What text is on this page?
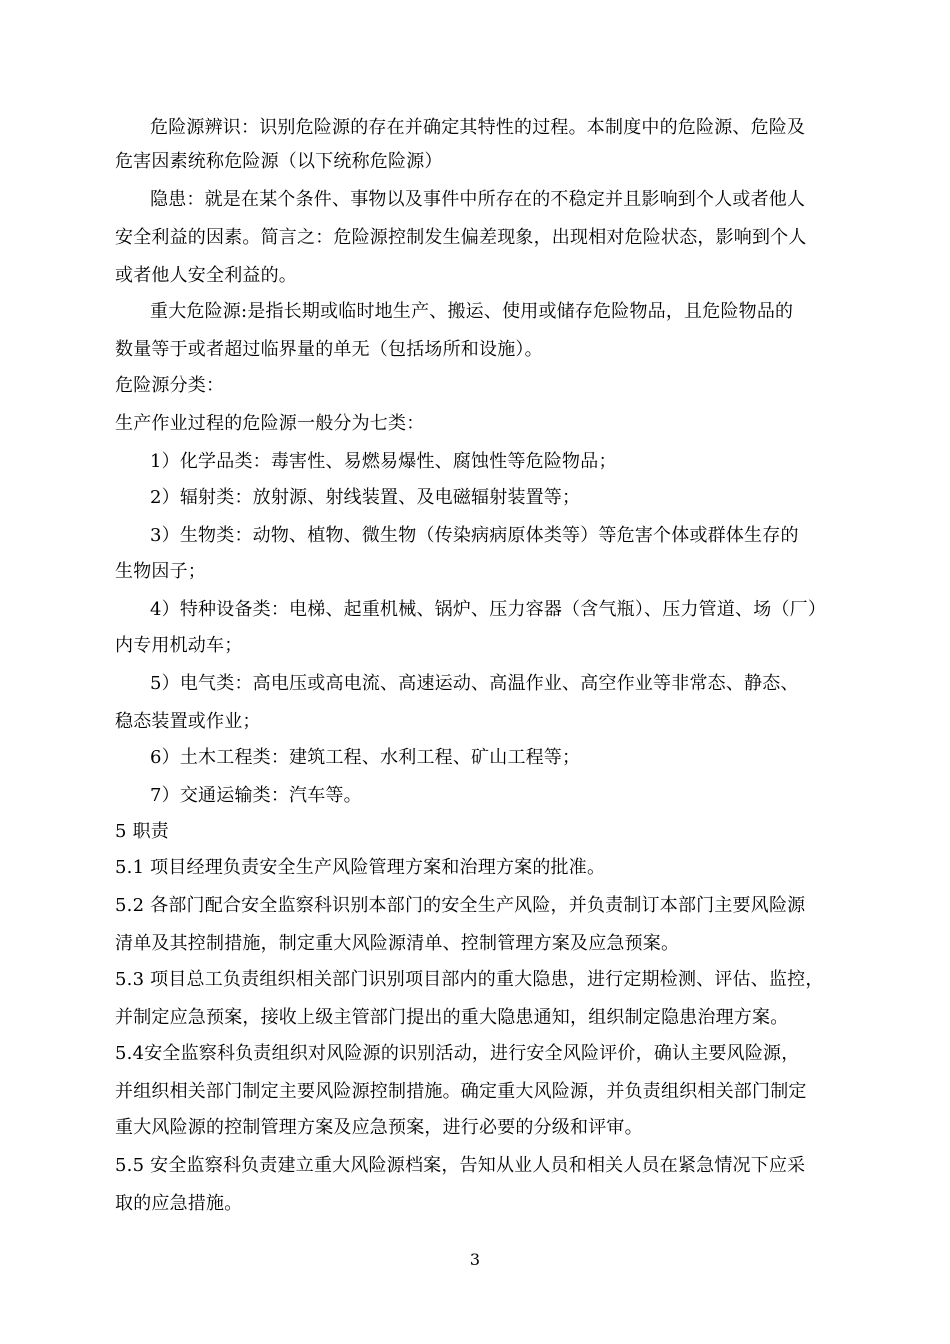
危险源辨识：识别危险源的存在并确定其特性的过程。本制度中的危险源、危险及
危害因素统称危险源（以下统称危险源）
隐患：就是在某个条件、事物以及事件中所存在的不稳定并且影响到个人或者他人
安全利益的因素。简言之：危险源控制发生偏差现象，出现相对危险状态，影响到个人
或者他人安全利益的。
重大危险源:是指长期或临时地生产、搬运、使用或储存危险物品，且危险物品的
数量等于或者超过临界量的单无（包括场所和设施）。
危险源分类：
生产作业过程的危险源一般分为七类：
1）化学品类：毒害性、易燃易爆性、腐蚀性等危险物品；
2）辐射类：放射源、射线装置、及电磁辐射装置等；
3）生物类：动物、植物、微生物（传染病病原体类等）等危害个体或群体生存的
生物因子；
4）特种设备类：电梯、起重机械、锅炉、压力容器（含气瓶）、压力管道、场（厂）
内专用机动车；
5）电气类：高电压或高电流、高速运动、高温作业、高空作业等非常态、静态、
稳态装置或作业；
6）土木工程类：建筑工程、水利工程、矿山工程等；
7）交通运输类：汽车等。
5 职责
5.1 项目经理负责安全生产风险管理方案和治理方案的批准。
5.2 各部门配合安全监察科识别本部门的安全生产风险，并负责制订本部门主要风险源
清单及其控制措施，制定重大风险源清单、控制管理方案及应急预案。
5.3 项目总工负责组织相关部门识别项目部内的重大隐患，进行定期检测、评估、监控，
并制定应急预案，接收上级主管部门提出的重大隐患通知，组织制定隐患治理方案。
5.4安全监察科负责组织对风险源的识别活动，进行安全风险评价，确认主要风险源，
并组织相关部门制定主要风险源控制措施。确定重大风险源，并负责组织相关部门制定
重大风险源的控制管理方案及应急预案，进行必要的分级和评审。
5.5 安全监察科负责建立重大风险源档案，告知从业人员和相关人员在紧急情况下应采
取的应急措施。
3
